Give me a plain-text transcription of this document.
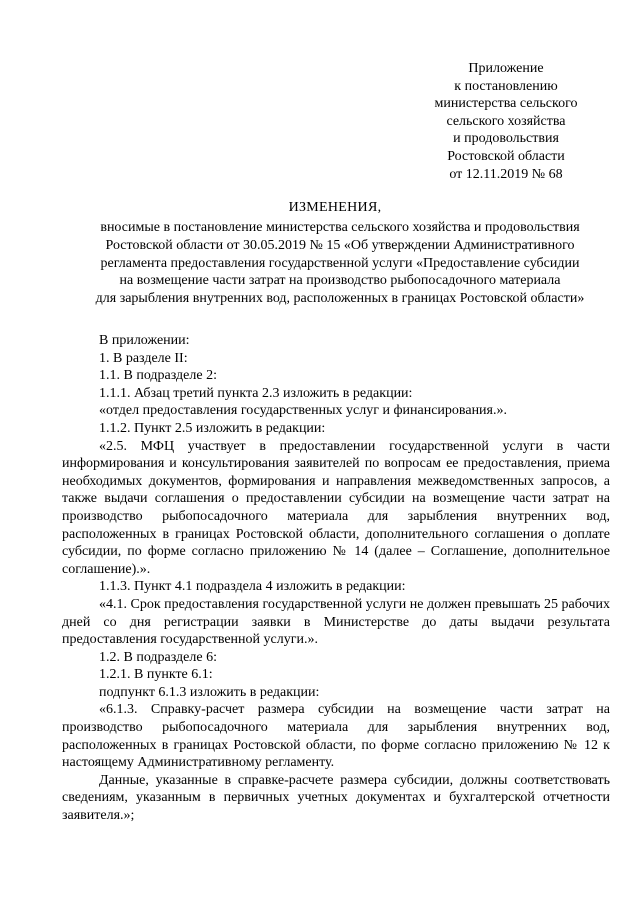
Приложение
к постановлению
министерства сельского
сельского хозяйства
и продовольствия
Ростовской области
от 12.11.2019 № 68
ИЗМЕНЕНИЯ,
вносимые в постановление министерства сельского хозяйства и продовольствия
Ростовской области от 30.05.2019 № 15 «Об утверждении Административного
регламента предоставления государственной услуги «Предоставление субсидии
на возмещение части затрат на производство рыбопосадочного материала
для зарыбления внутренних вод, расположенных в границах Ростовской области»
В приложении:
1. В разделе II:
1.1. В подразделе 2:
1.1.1. Абзац третий пункта 2.3 изложить в редакции:
«отдел предоставления государственных услуг и финансирования.».
1.1.2. Пункт 2.5 изложить в редакции:
«2.5. МФЦ участвует в предоставлении государственной услуги в части информирования и консультирования заявителей по вопросам ее предоставления, приема необходимых документов, формирования и направления межведомственных запросов, а также выдачи соглашения о предоставлении субсидии на возмещение части затрат на производство рыбопосадочного материала для зарыбления внутренних вод, расположенных в границах Ростовской области, дополнительного соглашения о доплате субсидии, по форме согласно приложению № 14 (далее – Соглашение, дополнительное соглашение).».
1.1.3. Пункт 4.1 подраздела 4 изложить в редакции:
«4.1. Срок предоставления государственной услуги не должен превышать 25 рабочих дней со дня регистрации заявки в Министерстве до даты выдачи результата предоставления государственной услуги.».
1.2. В подразделе 6:
1.2.1. В пункте 6.1:
подпункт 6.1.3 изложить в редакции:
«6.1.3. Справку-расчет размера субсидии на возмещение части затрат на производство рыбопосадочного материала для зарыбления внутренних вод, расположенных в границах Ростовской области, по форме согласно приложению № 12 к настоящему Административному регламенту.
Данные, указанные в справке-расчете размера субсидии, должны соответствовать сведениям, указанным в первичных учетных документах и бухгалтерской отчетности заявителя.»;
